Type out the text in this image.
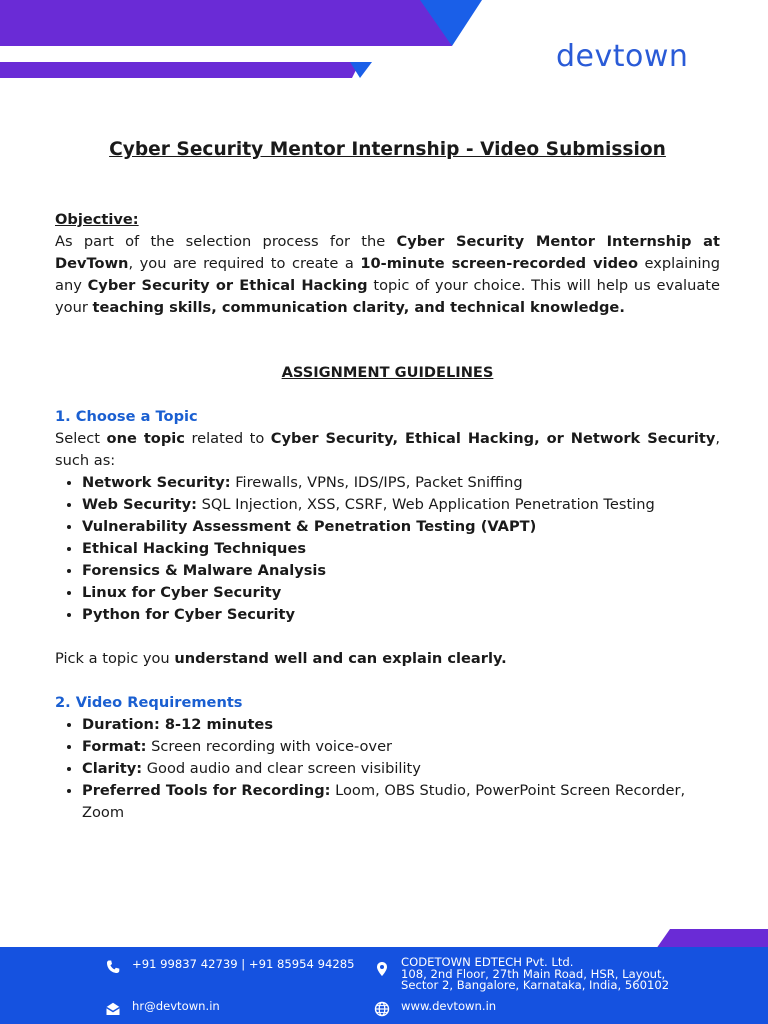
devtown

Cyber Security Mentor Internship - Video Submission

Objective:

As part of the selection process for the Cyber Security Mentor Internship at DevTown, you are required to create a 10-minute screen-recorded video explaining any Cyber Security or Ethical Hacking topic of your choice. This will help us evaluate your teaching skills, communication clarity, and technical knowledge.

ASSIGNMENT GUIDELINES

1. Choose a Topic

Select one topic related to Cyber Security, Ethical Hacking, or Network Security, such as:

• Network Security: Firewalls, VPNs, IDS/IPS, Packet Sniffing
• Web Security: SQL Injection, XSS, CSRF, Web Application Penetration Testing
• Vulnerability Assessment & Penetration Testing (VAPT)
• Ethical Hacking Techniques
• Forensics & Malware Analysis
• Linux for Cyber Security
• Python for Cyber Security

Pick a topic you understand well and can explain clearly.

2. Video Requirements

• Duration: 8-12 minutes
• Format: Screen recording with voice-over
• Clarity: Good audio and clear screen visibility
• Preferred Tools for Recording: Loom, OBS Studio, PowerPoint Screen Recorder, Zoom
+91 99837 42739 | +91 85954 94285
hr@devtown.in
CODETOWN EDTECH Pvt. Ltd.
108, 2nd Floor, 27th Main Road, HSR, Layout,
Sector 2, Bangalore, Karnataka, India, 560102
www.devtown.in
